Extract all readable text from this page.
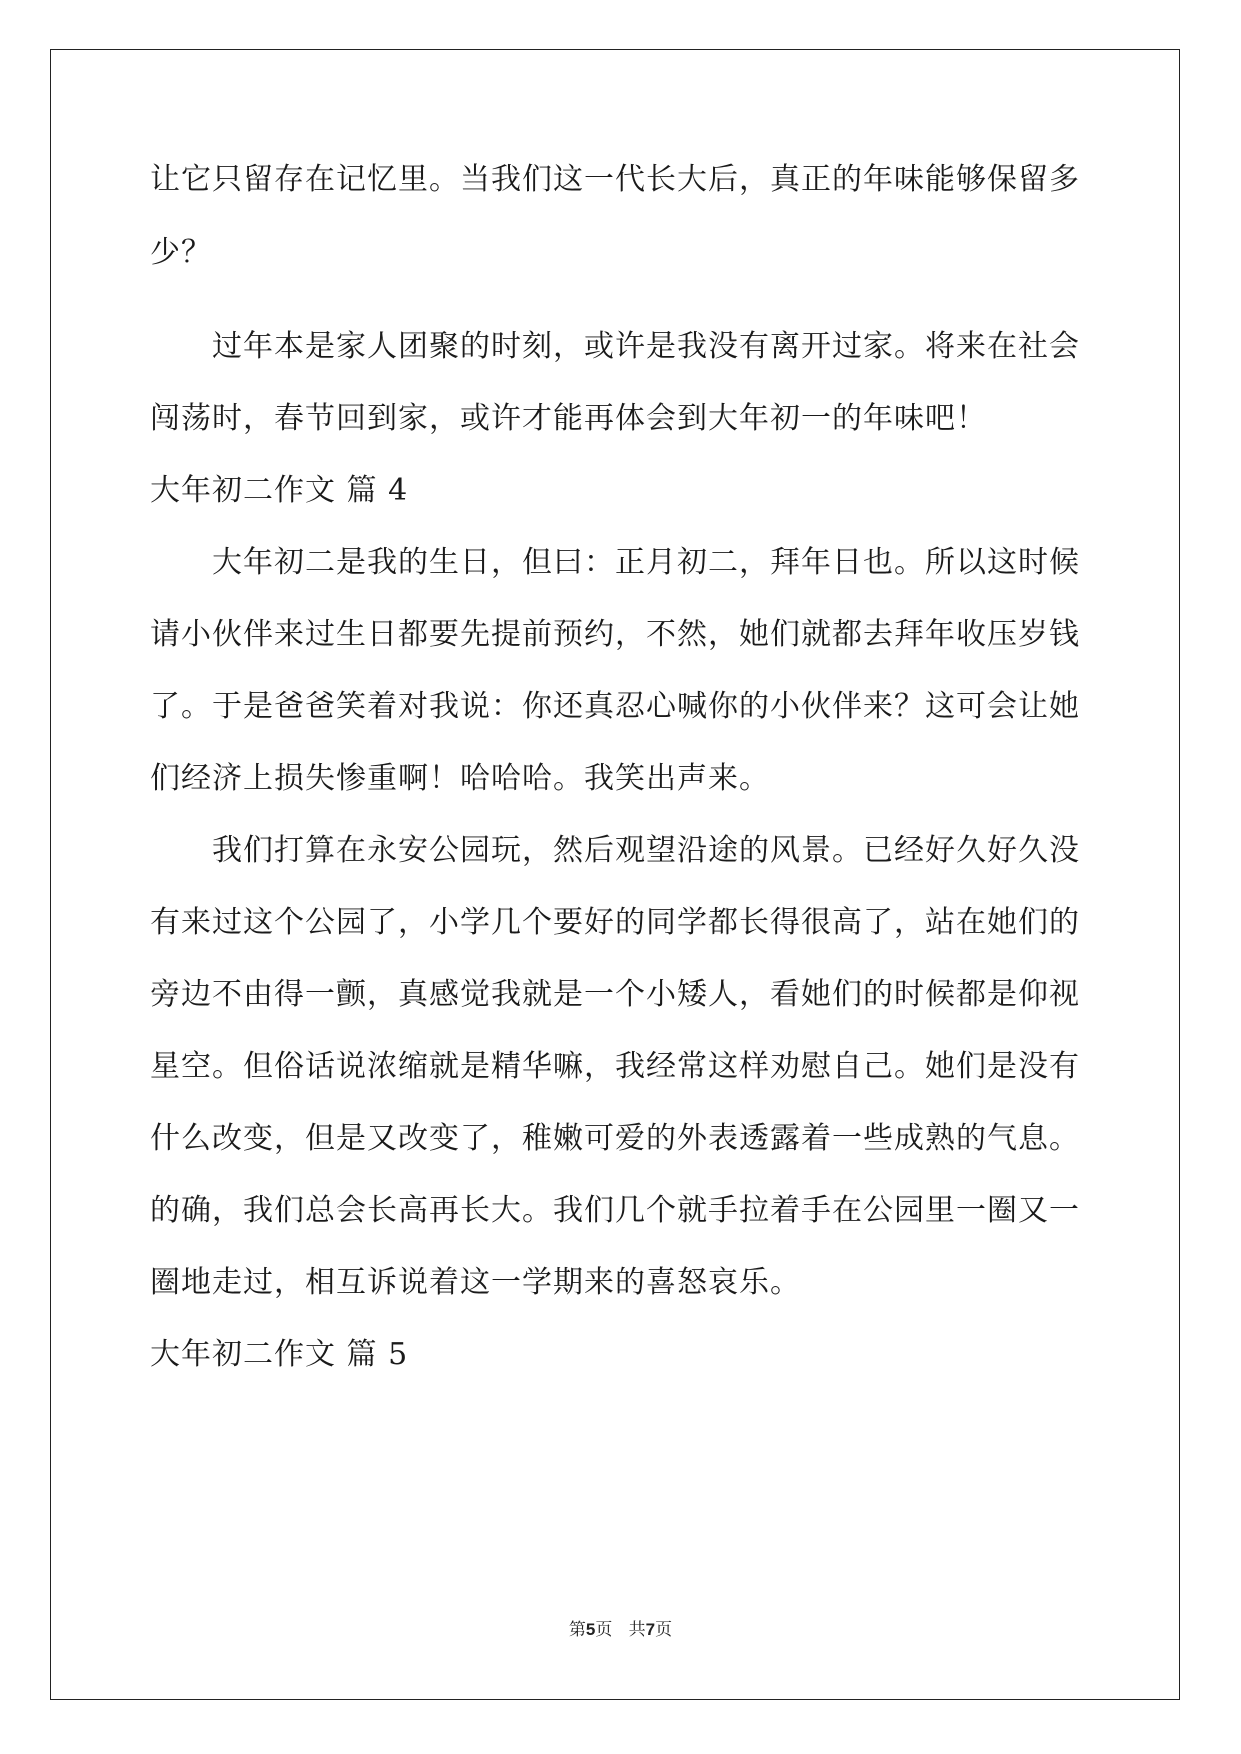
让它只留存在记忆里。当我们这一代长大后，真正的年味能够保留多

少？

过年本是家人团聚的时刻，或许是我没有离开过家。将来在社会

闯荡时，春节回到家，或许才能再体会到大年初一的年味吧！

大年初二作文 篇 4

大年初二是我的生日，但曰：正月初二，拜年日也。所以这时候

请小伙伴来过生日都要先提前预约，不然，她们就都去拜年收压岁钱

了。于是爸爸笑着对我说：你还真忍心喊你的小伙伴来？这可会让她

们经济上损失惨重啊！哈哈哈。我笑出声来。

我们打算在永安公园玩，然后观望沿途的风景。已经好久好久没

有来过这个公园了，小学几个要好的同学都长得很高了，站在她们的

旁边不由得一颤，真感觉我就是一个小矮人，看她们的时候都是仰视

星空。但俗话说浓缩就是精华嘛，我经常这样劝慰自己。她们是没有

什么改变，但是又改变了，稚嫩可爱的外表透露着一些成熟的气息。

的确，我们总会长高再长大。我们几个就手拉着手在公园里一圈又一

圈地走过，相互诉说着这一学期来的喜怒哀乐。

大年初二作文 篇 5

第5页   共7页
